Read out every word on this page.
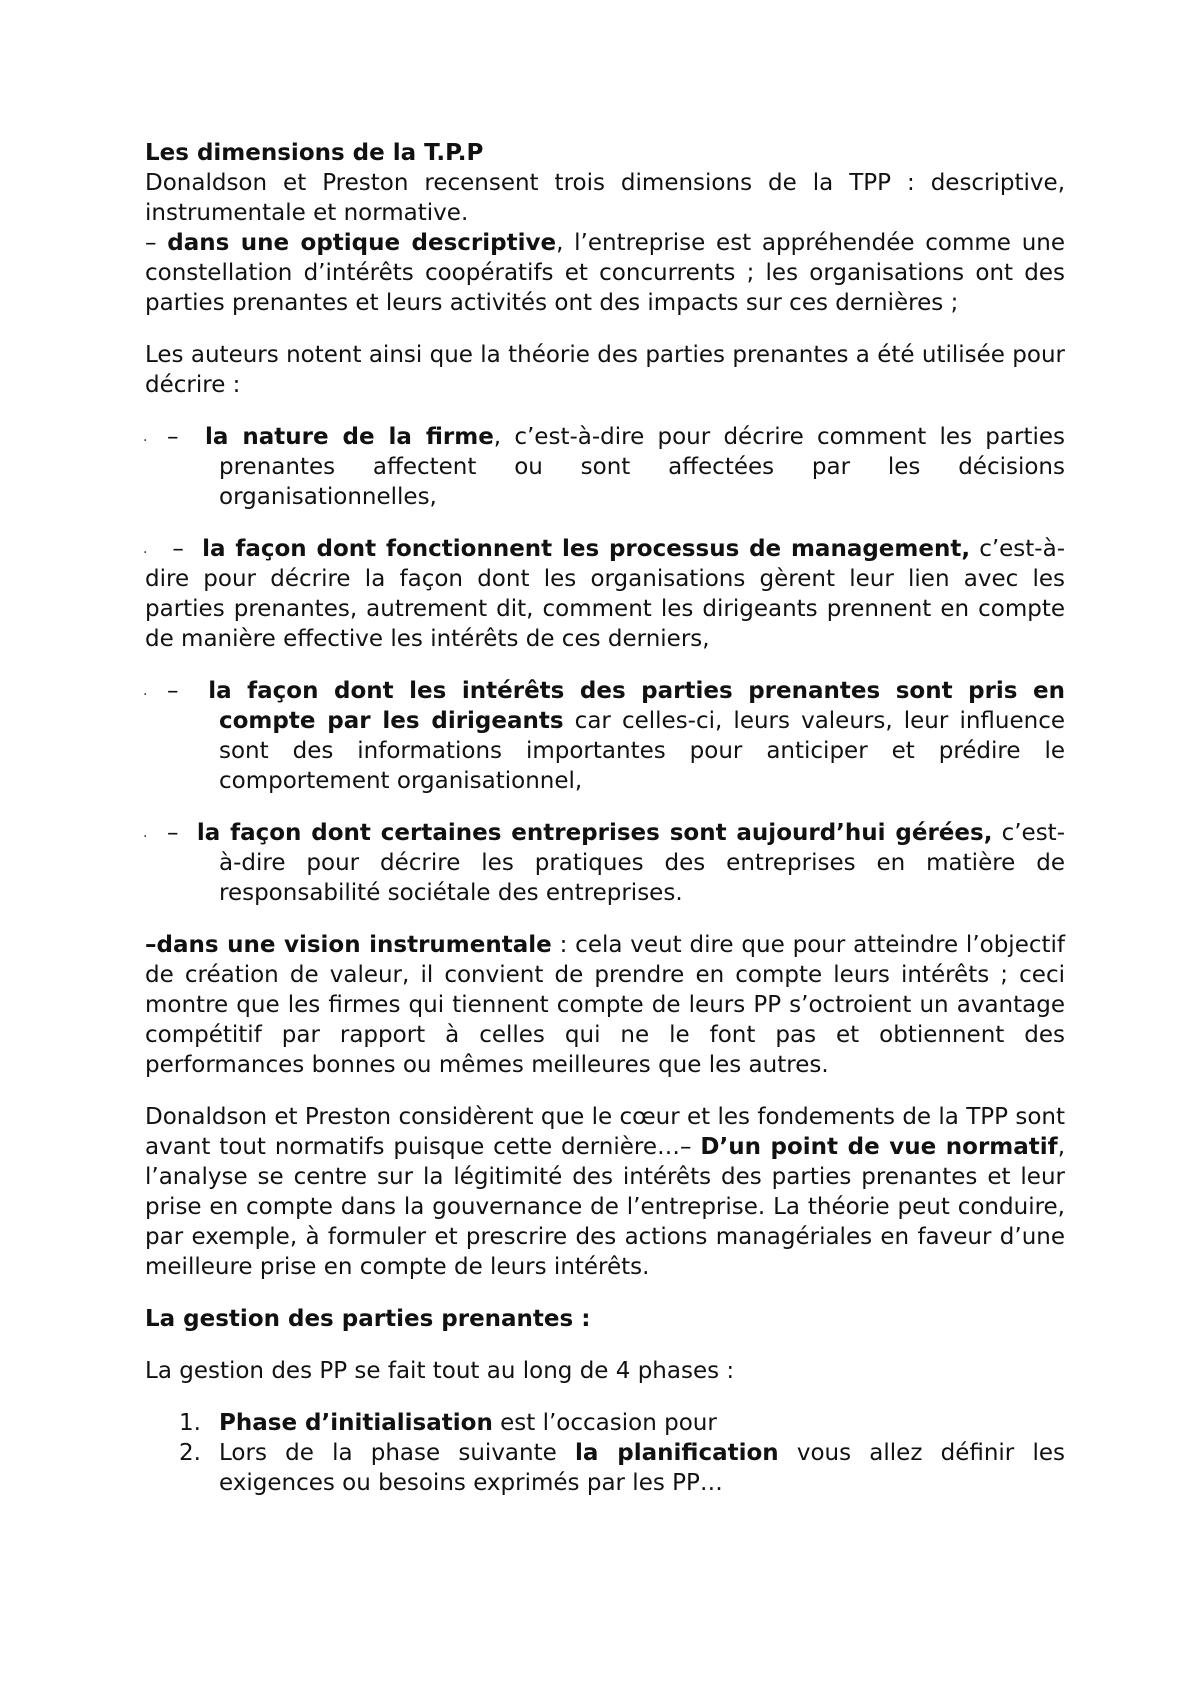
Les dimensions de la T.P.P

Donaldson et Preston recensent trois dimensions de la TPP : descriptive, instrumentale et normative.

– dans une optique descriptive, l’entreprise est appréhendée comme une constellation d’intérêts coopératifs et concurrents ; les organisations ont des parties prenantes et leurs activités ont des impacts sur ces dernières ;

Les auteurs notent ainsi que la théorie des parties prenantes a été utilisée pour décrire :

· – la nature de la firme, c’est-à-dire pour décrire comment les parties prenantes affectent ou sont affectées par les décisions organisationnelles,

·	– la façon dont fonctionnent les processus de management, c’est-à-dire pour décrire la façon dont les organisations gèrent leur lien avec les parties prenantes, autrement dit, comment les dirigeants prennent en compte de manière effective les intérêts de ces derniers,

· – la façon dont les intérêts des parties prenantes sont pris en compte par les dirigeants car celles-ci, leurs valeurs, leur influence sont des informations importantes pour anticiper et prédire le comportement organisationnel,

· – la façon dont certaines entreprises sont aujourd’hui gérées, c’est-à-dire pour décrire les pratiques des entreprises en matière de responsabilité sociétale des entreprises.

–dans une vision instrumentale : cela veut dire que pour atteindre l’objectif de création de valeur, il convient de prendre en compte leurs intérêts ; ceci montre que les firmes qui tiennent compte de leurs PP s’octroient un avantage compétitif par rapport à celles qui ne le font pas et obtiennent des performances bonnes ou mêmes meilleures que les autres.

Donaldson et Preston considèrent que le cœur et les fondements de la TPP sont avant tout normatifs puisque cette dernière…– D’un point de vue normatif, l’analyse se centre sur la légitimité des intérêts des parties prenantes et leur prise en compte dans la gouvernance de l’entreprise. La théorie peut conduire, par exemple, à formuler et prescrire des actions managériales en faveur d’une meilleure prise en compte de leurs intérêts.

La gestion des parties prenantes :

La gestion des PP se fait tout au long de 4 phases :

1. Phase d’initialisation est l’occasion pour
2. Lors de la phase suivante la planification vous allez définir les exigences ou besoins exprimés par les PP…
